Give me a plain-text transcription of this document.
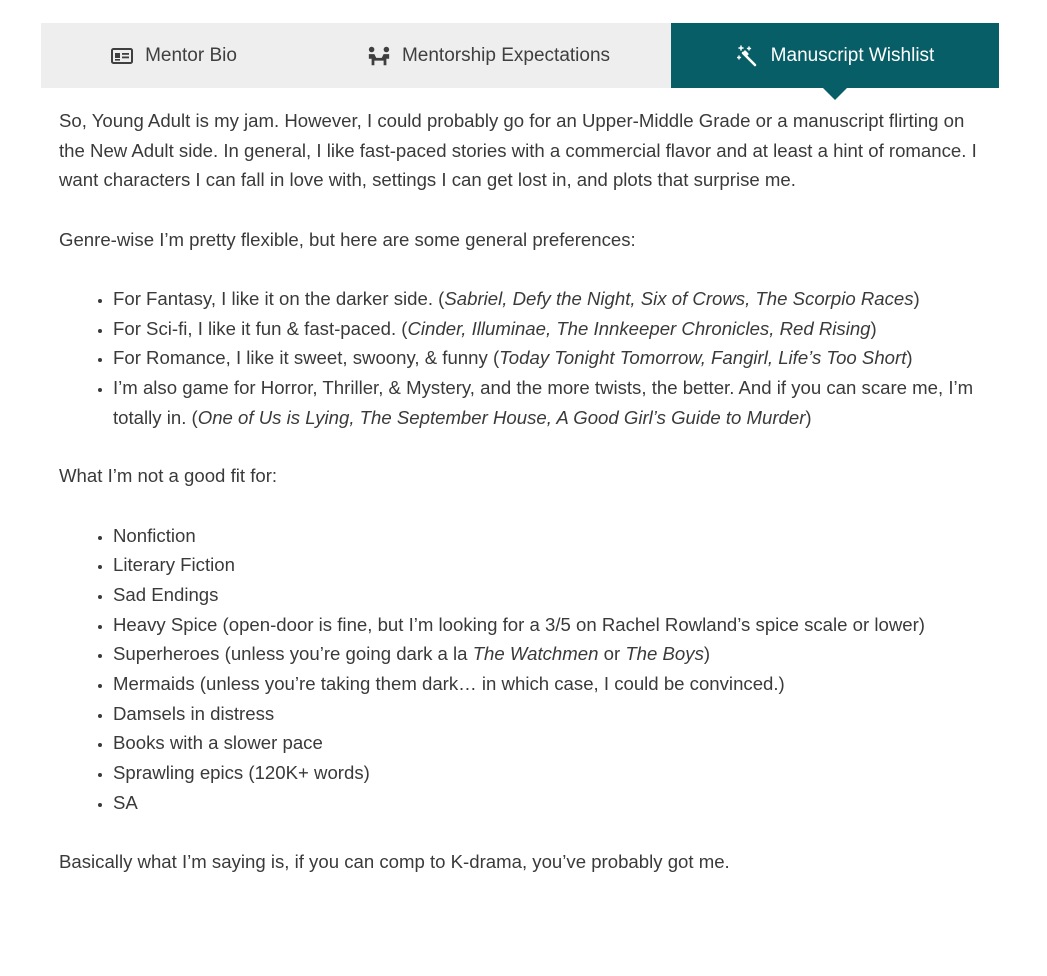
Mentor Bio	Mentorship Expectations	Manuscript Wishlist

So, Young Adult is my jam. However, I could probably go for an Upper-Middle Grade or a manuscript flirting on the New Adult side. In general, I like fast-paced stories with a commercial flavor and at least a hint of romance. I want characters I can fall in love with, settings I can get lost in, and plots that surprise me.

Genre-wise I’m pretty flexible, but here are some general preferences:

• For Fantasy, I like it on the darker side. (Sabriel, Defy the Night, Six of Crows, The Scorpio Races)
• For Sci-fi, I like it fun & fast-paced. (Cinder, Illuminae, The Innkeeper Chronicles, Red Rising)
• For Romance, I like it sweet, swoony, & funny (Today Tonight Tomorrow, Fangirl, Life’s Too Short)
• I’m also game for Horror, Thriller, & Mystery, and the more twists, the better. And if you can scare me, I’m totally in. (One of Us is Lying, The September House, A Good Girl’s Guide to Murder)

What I’m not a good fit for:

• Nonfiction
• Literary Fiction
• Sad Endings
• Heavy Spice (open-door is fine, but I’m looking for a 3/5 on Rachel Rowland’s spice scale or lower)
• Superheroes (unless you’re going dark a la The Watchmen or The Boys)
• Mermaids (unless you’re taking them dark… in which case, I could be convinced.)
• Damsels in distress
• Books with a slower pace
• Sprawling epics (120K+ words)
• SA

Basically what I’m saying is, if you can comp to K-drama, you’ve probably got me.
